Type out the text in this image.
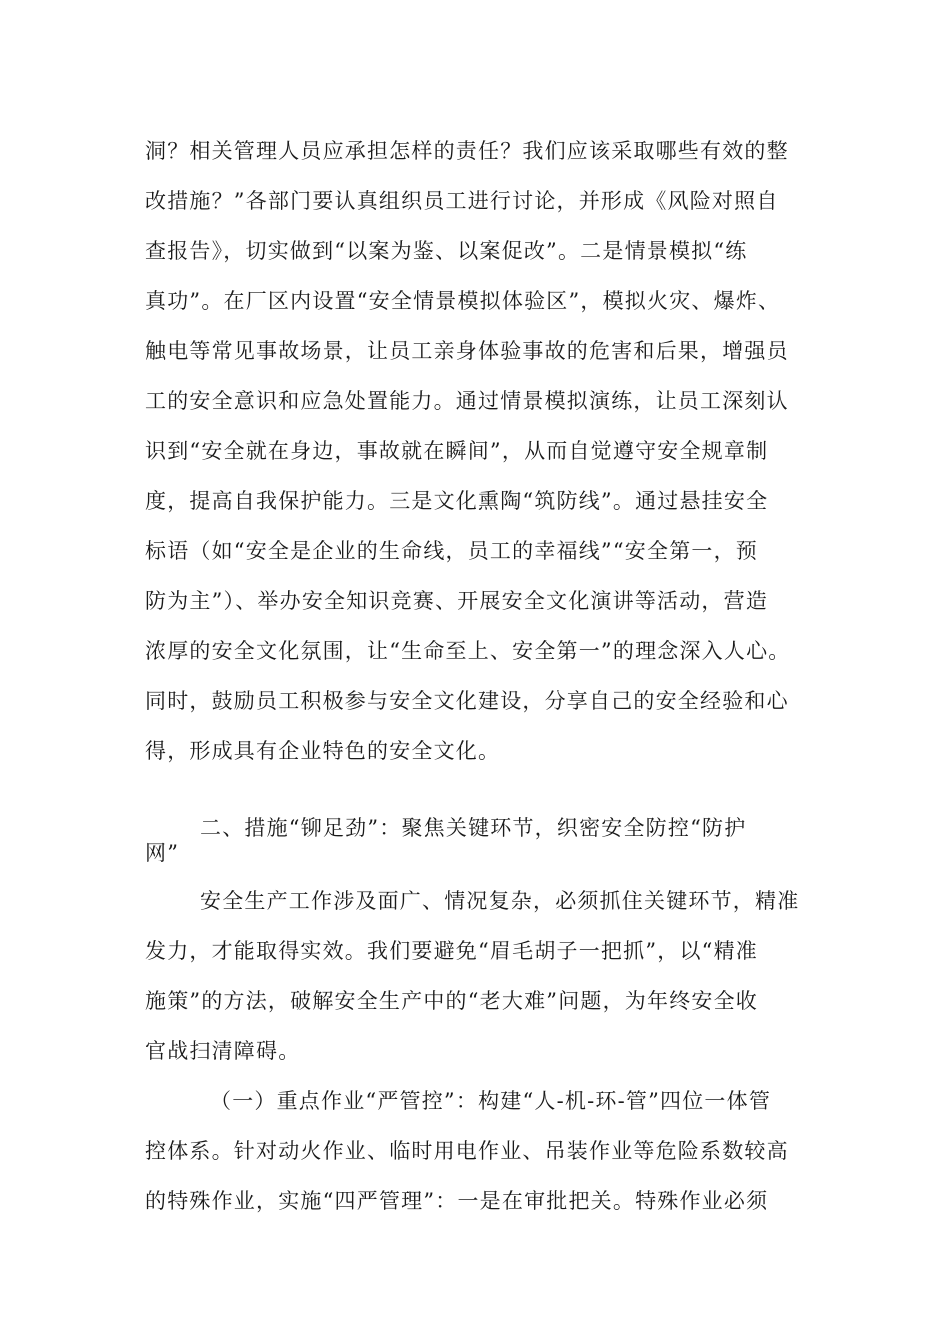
洞？相关管理人员应承担怎样的责任？我们应该采取哪些有效的整
改措施？”各部门要认真组织员工进行讨论，并形成《风险对照自
查报告》，切实做到“以案为鉴、以案促改”。二是情景模拟“练
真功”。在厂区内设置“安全情景模拟体验区”，模拟火灾、爆炸、
触电等常见事故场景，让员工亲身体验事故的危害和后果，增强员
工的安全意识和应急处置能力。通过情景模拟演练，让员工深刻认
识到“安全就在身边，事故就在瞬间”，从而自觉遵守安全规章制
度，提高自我保护能力。三是文化熏陶“筑防线”。通过悬挂安全
标语（如“安全是企业的生命线，员工的幸福线”“安全第一，预
防为主”）、举办安全知识竞赛、开展安全文化演讲等活动，营造
浓厚的安全文化氛围，让“生命至上、安全第一”的理念深入人心。
同时，鼓励员工积极参与安全文化建设，分享自己的安全经验和心
得，形成具有企业特色的安全文化。
二、措施“铆足劲”：聚焦关键环节，织密安全防控“防护
网”
安全生产工作涉及面广、情况复杂，必须抓住关键环节，精准
发力，才能取得实效。我们要避免“眉毛胡子一把抓”，以“精准
施策”的方法，破解安全生产中的“老大难”问题，为年终安全收
官战扫清障碍。
（一）重点作业“严管控”：构建“人-机-环-管”四位一体管
控体系。针对动火作业、临时用电作业、吊装作业等危险系数较高
的特殊作业，实施“四严管理”：一是在审批把关。特殊作业必须
